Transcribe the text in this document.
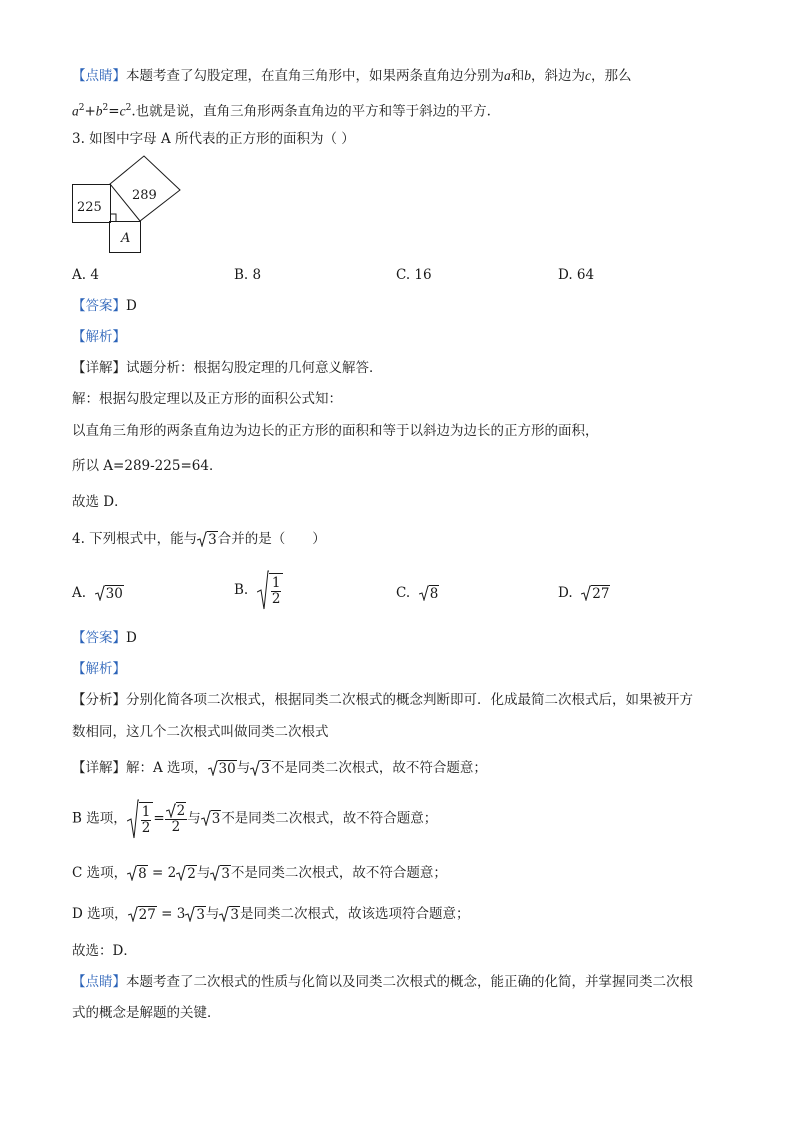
【点睛】本题考查了勾股定理，在直角三角形中，如果两条直角边分别为a和b，斜边为c，那么
$a^2+b^2=c^2$.也就是说，直角三角形两条直角边的平方和等于斜边的平方.
3. 如图中字母 A 所代表的正方形的面积为（ ）
225
289
A
A. 4	B. 8	C. 16	D. 64
【答案】D
【解析】
【详解】试题分析：根据勾股定理的几何意义解答．
解：根据勾股定理以及正方形的面积公式知：
以直角三角形的两条直角边为边长的正方形的面积和等于以斜边为边长的正方形的面积，
所以 A=289-225=64．
故选 D．
4. 下列根式中，能与 3合并的是（　　）
A. 30	B. $\frac{1}{2}$	C. 8	D. 27
【答案】D
【解析】
【分析】分别化简各项二次根式，根据同类二次根式的概念判断即可．化成最简二次根式后，如果被开方
数相同，这几个二次根式叫做同类二次根式
【详解】解：A 选项， 30与 3不是同类二次根式，故不符合题意；
B 选项， $\frac{1}{2} = \frac{2}{2}$ 与 3不是同类二次根式，故不符合题意；
C 选项， 8 = 2 2与 3不是同类二次根式，故不符合题意；
D 选项， 27 = 3 3与 3是同类二次根式，故该选项符合题意；
故选：D．
【点睛】本题考查了二次根式的性质与化简以及同类二次根式的概念，能正确的化简，并掌握同类二次根
式的概念是解题的关键．
